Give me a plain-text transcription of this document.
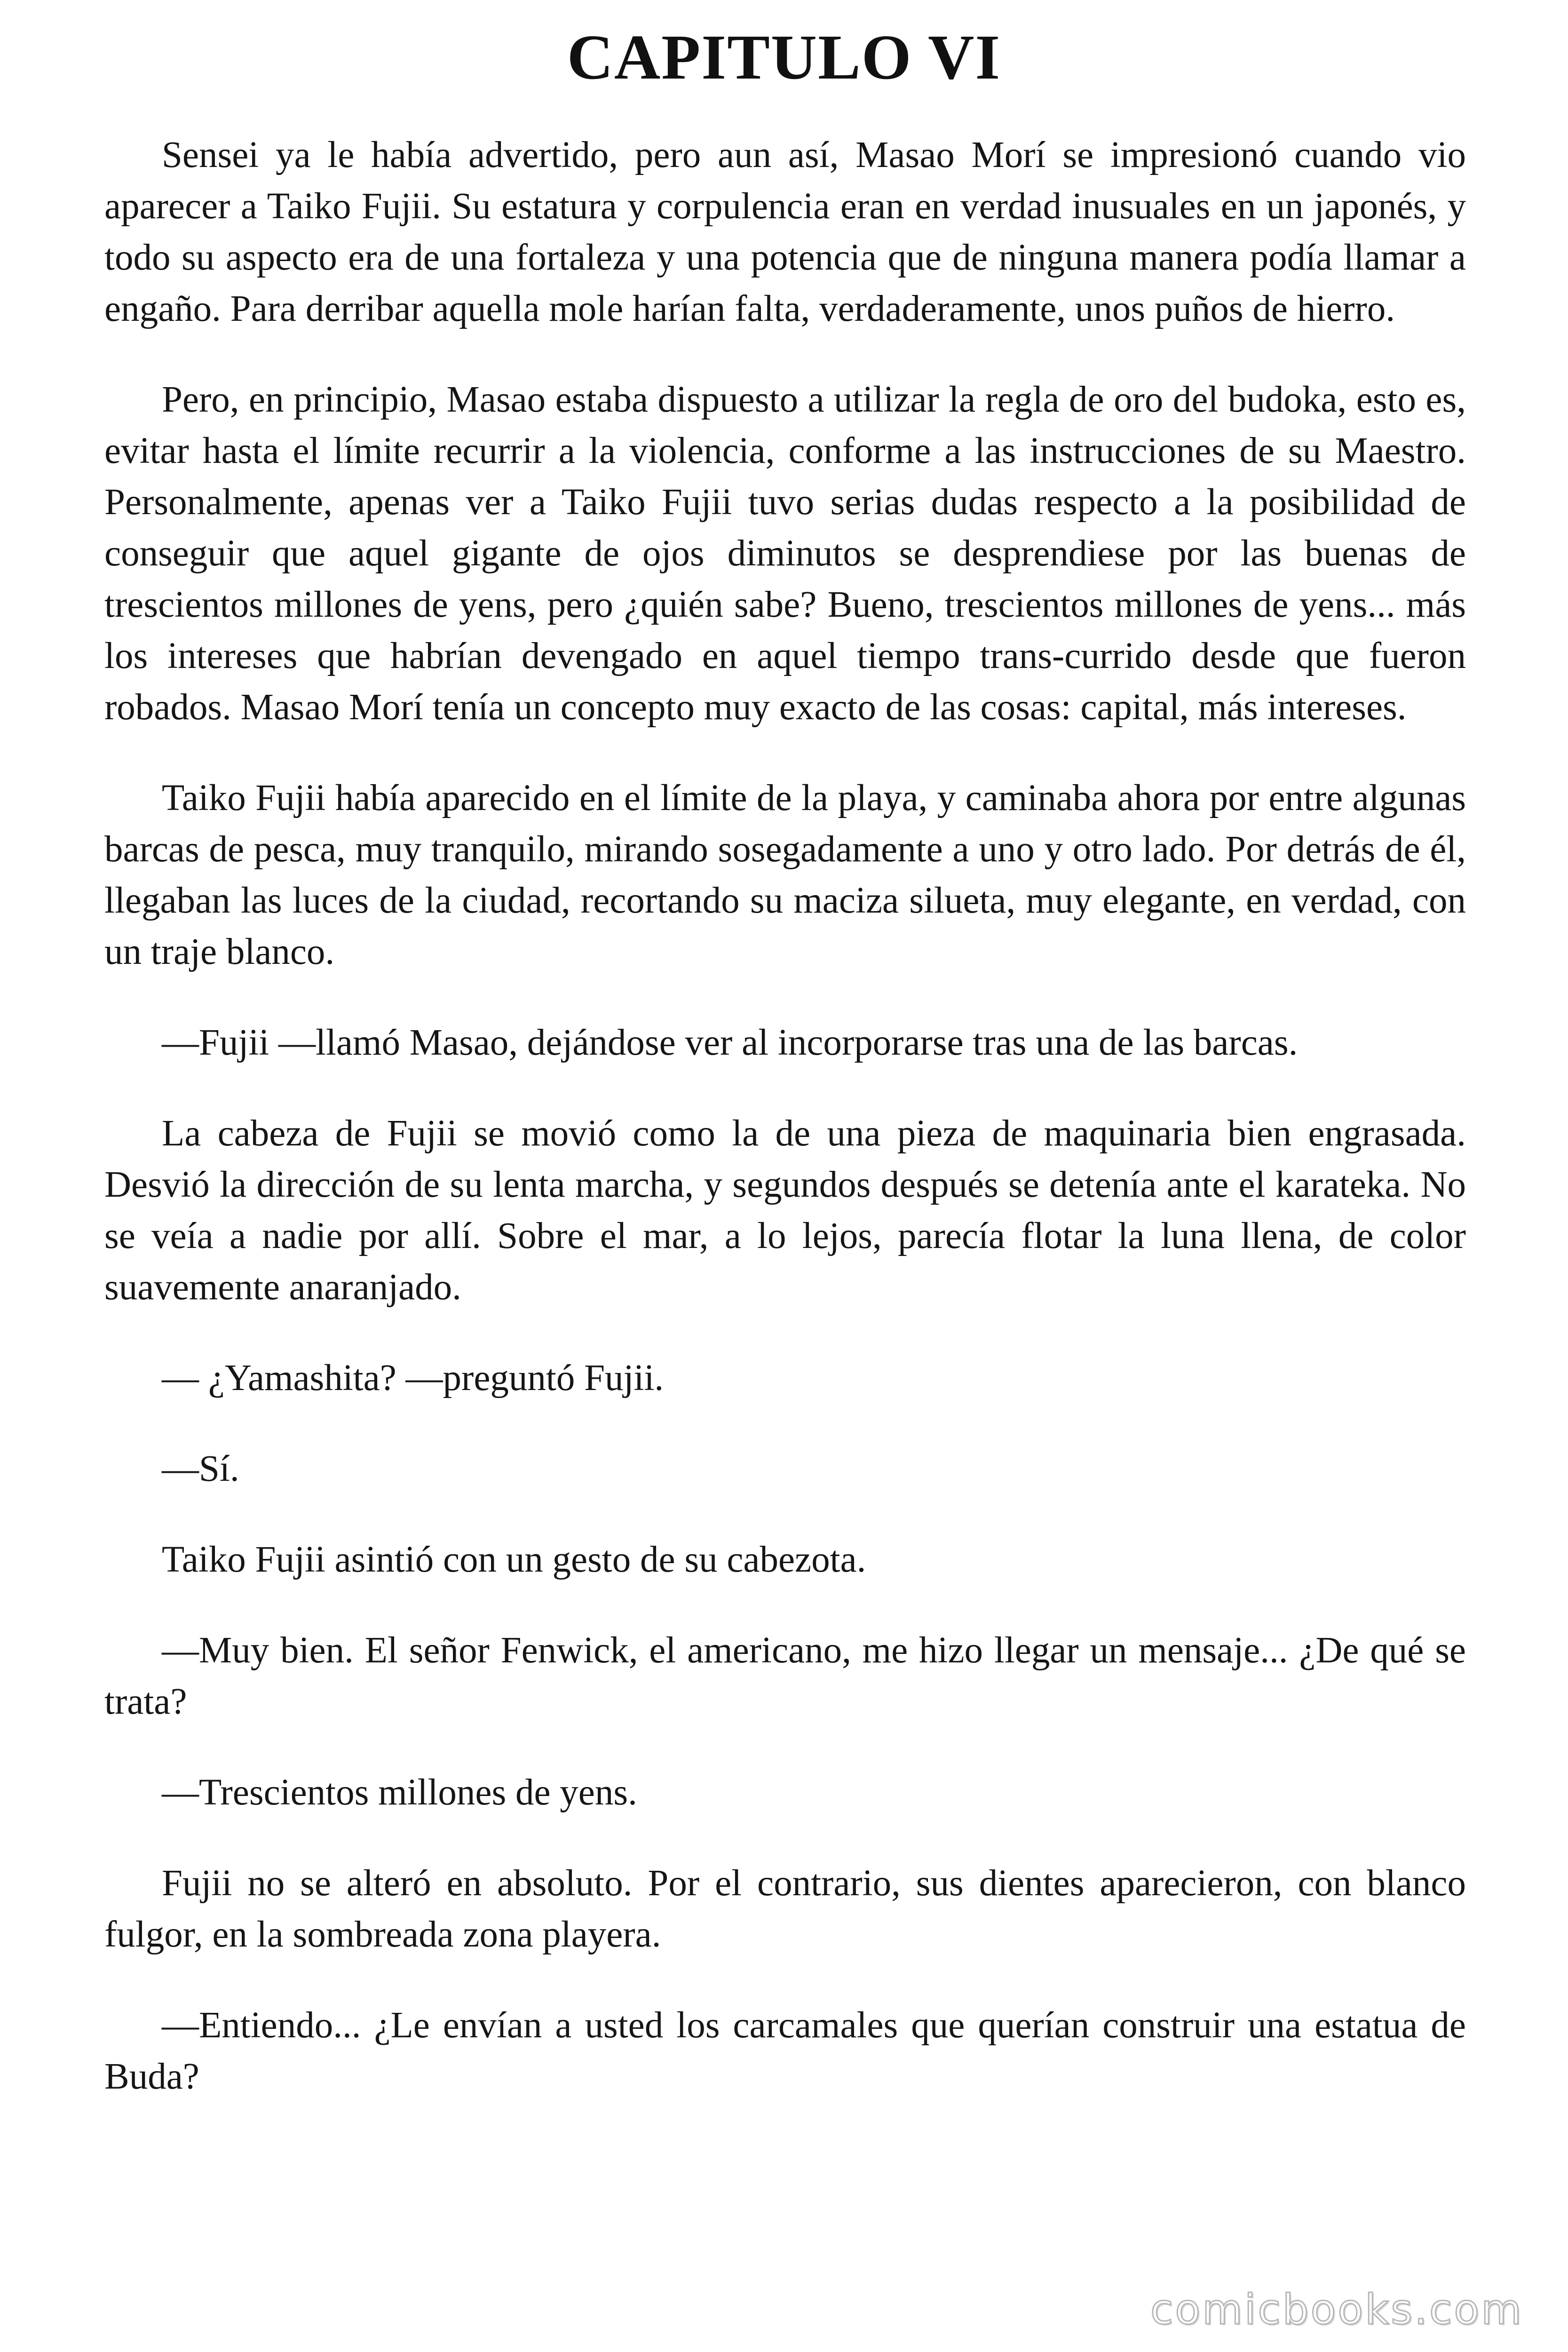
CAPITULO VI

Sensei ya le había advertido, pero aun así, Masao Morí se impresionó cuando vio aparecer a Taiko Fujii. Su estatura y corpulencia eran en verdad inusuales en un japonés, y todo su aspecto era de una fortaleza y una potencia que de ninguna manera podía llamar a engaño. Para derribar aquella mole harían falta, verdaderamente, unos puños de hierro.

Pero, en principio, Masao estaba dispuesto a utilizar la regla de oro del budoka, esto es, evitar hasta el límite recurrir a la violencia, conforme a las instrucciones de su Maestro. Personalmente, apenas ver a Taiko Fujii tuvo serias dudas respecto a la posibilidad de conseguir que aquel gigante de ojos diminutos se desprendiese por las buenas de trescientos millones de yens, pero ¿quién sabe? Bueno, trescientos millones de yens... más los intereses que habrían devengado en aquel tiempo trans-currido desde que fueron robados. Masao Morí tenía un concepto muy exacto de las cosas: capital, más intereses.

Taiko Fujii había aparecido en el límite de la playa, y caminaba ahora por entre algunas barcas de pesca, muy tranquilo, mirando sosegadamente a uno y otro lado. Por detrás de él, llegaban las luces de la ciudad, recortando su maciza silueta, muy elegante, en verdad, con un traje blanco.

—Fujii —llamó Masao, dejándose ver al incorporarse tras una de las barcas.

La cabeza de Fujii se movió como la de una pieza de maquinaria bien engrasada. Desvió la dirección de su lenta marcha, y segundos después se detenía ante el karateka. No se veía a nadie por allí. Sobre el mar, a lo lejos, parecía flotar la luna llena, de color suavemente anaranjado.

— ¿Yamashita? —preguntó Fujii.

—Sí.

Taiko Fujii asintió con un gesto de su cabezota.

—Muy bien. El señor Fenwick, el americano, me hizo llegar un mensaje... ¿De qué se trata?

—Trescientos millones de yens.

Fujii no se alteró en absoluto. Por el contrario, sus dientes aparecieron, con blanco fulgor, en la sombreada zona playera.

—Entiendo... ¿Le envían a usted los carcamales que querían construir una estatua de Buda?

comicbooks.com
